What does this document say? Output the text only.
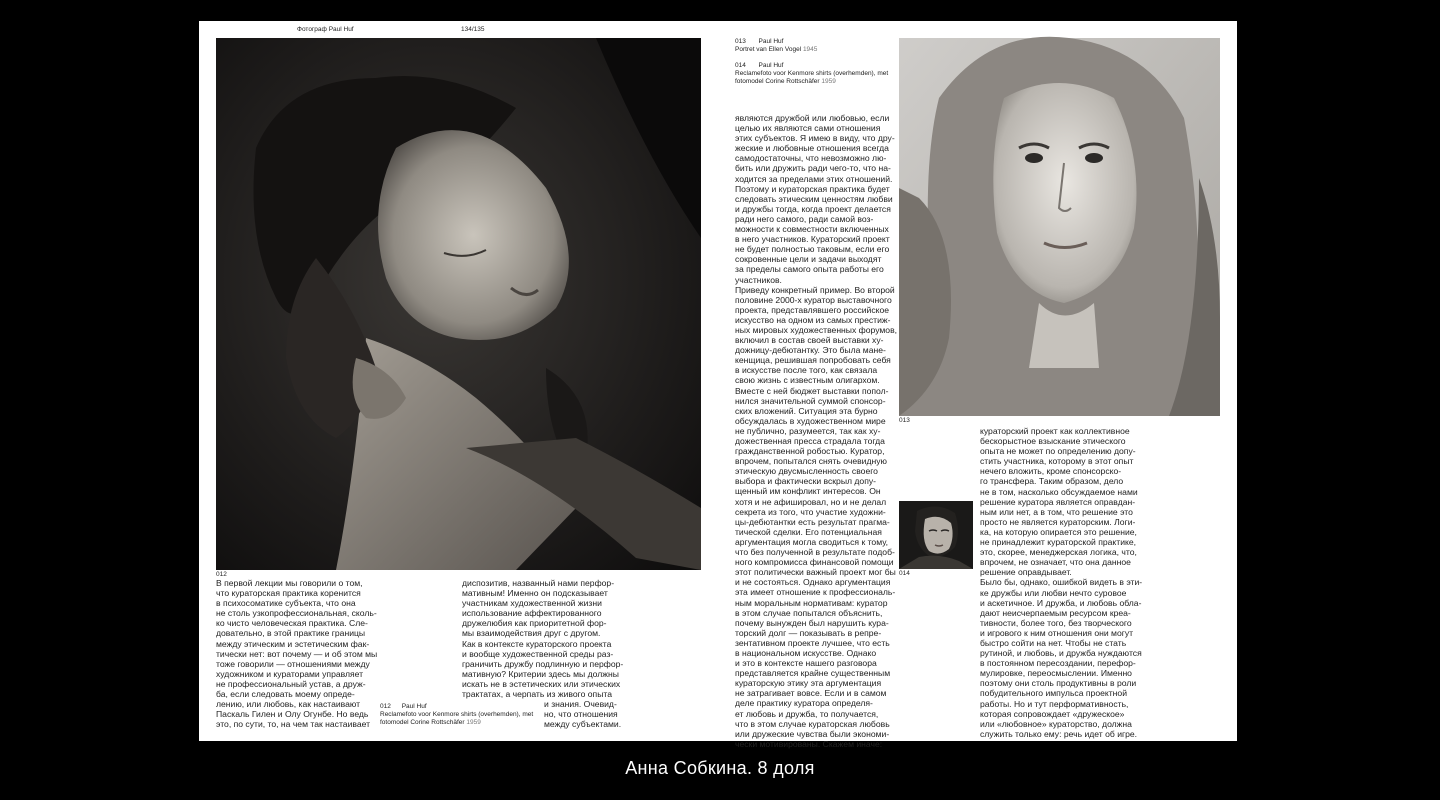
Фотограф Paul Huf	134/135
012
В первой лекции мы говорили о том,
что кураторская практика коренится
в психосоматике субъекта, что она
не столь узкопрофессиональная, сколь-
ко чисто человеческая практика. Сле-
довательно, в этой практике границы
между этическим и эстетическим фак-
тически нет: вот почему — и об этом мы
тоже говорили — отношениями между
художником и кураторами управляет
не профессиональный устав, а друж-
ба, если следовать моему опреде-
лению, или любовь, как настаивают
Паскаль Гилен и Олу Огунбе. Но ведь
это, по сути, то, на чем так настаивает
012 Paul Huf
Reclamefoto voor Kenmore shirts (overhemden), met
fotomodel Corine Rottschäfer 1959
диспозитив, названный нами перфор-
мативным! Именно он подсказывает
участникам художественной жизни
использование аффектированного
дружелюбия как приоритетной фор-
мы взаимодействия друг с другом.
Как в контексте кураторского проекта
и вообще художественной среды раз-
граничить дружбу подлинную и перфор-
мативную? Критерии здесь мы должны
искать не в эстетических или этических
трактатах, а черпать из живого опыта
и знания. Очевид-
но, что отношения
между субъектами.
013 Paul Huf
Portret van Ellen Vogel 1945
014 Paul Huf
Reclamefoto voor Kenmore shirts (overhemden), met
fotomodel Corine Rottschäfer 1959
являются дружбой или любовью, если
целью их являются сами отношения
этих субъектов. Я имею в виду, что дру-
жеские и любовные отношения всегда
самодостаточны, что невозможно лю-
бить или дружить ради чего-то, что на-
ходится за пределами этих отношений.
Поэтому и кураторская практика будет
следовать этическим ценностям любви
и дружбы тогда, когда проект делается
ради него самого, ради самой воз-
можности к совместности включенных
в него участников. Кураторский проект
не будет полностью таковым, если его
сокровенные цели и задачи выходят
за пределы самого опыта работы его
участников.
Приведу конкретный пример. Во второй
половине 2000-х куратор выставочного
проекта, представлявшего российское
искусство на одном из самых престиж-
ных мировых художественных форумов,
включил в состав своей выставки ху-
дожницу-дебютантку. Это была мане-
кенщица, решившая попробовать себя
в искусстве после того, как связала
свою жизнь с известным олигархом.
Вместе с ней бюджет выставки попол-
нился значительной суммой спонсор-
ских вложений. Ситуация эта бурно
обсуждалась в художественном мире
не публично, разумеется, так как ху-
дожественная пресса страдала тогда
гражданственной робостью. Куратор,
впрочем, попытался снять очевидную
этическую двусмысленность своего
выбора и фактически вскрыл допу-
щенный им конфликт интересов. Он
хотя и не афишировал, но и не делал
секрета из того, что участие художни-
цы-дебютантки есть результат прагма-
тической сделки. Его потенциальная
аргументация могла сводиться к тому,
что без полученной в результате подоб-
ного компромисса финансовой помощи
этот политически важный проект мог бы
и не состояться. Однако аргументация
эта имеет отношение к профессиональ-
ным моральным нормативам: куратор
в этом случае попытался объяснить,
почему вынужден был нарушить кура-
торский долг — показывать в репре-
зентативном проекте лучшее, что есть
в национальном искусстве. Однако
и это в контексте нашего разговора
представляется крайне существенным
кураторскую этику эта аргументация
не затрагивает вовсе. Если и в самом
деле практику куратора определя-
ет любовь и дружба, то получается,
что в этом случае кураторская любовь
или дружеские чувства были экономи-
чески мотивированы. Скажем иначе:
013
кураторский проект как коллективное
бескорыстное взыскание этического
опыта не может по определению допу-
стить участника, которому в этот опыт
нечего вложить, кроме спонсорско-
го трансфера. Таким образом, дело
не в том, насколько обсуждаемое нами
решение куратора является оправдан-
ным или нет, а в том, что решение это
просто не является кураторским. Логи-
ка, на которую опирается это решение,
не принадлежит кураторской практике,
это, скорее, менеджерская логика, что,
впрочем, не означает, что она данное
решение оправдывает.
Было бы, однако, ошибкой видеть в эти-
ке дружбы или любви нечто суровое
и аскетичное. И дружба, и любовь обла-
дают неисчерпаемым ресурсом креа-
тивности, более того, без творческого
и игрового к ним отношения они могут
быстро сойти на нет. Чтобы не стать
рутиной, и любовь, и дружба нуждаются
в постоянном пересоздании, перефор-
мулировке, переосмыслении. Именно
поэтому они столь продуктивны в роли
побудительного импульса проектной
работы. Но и тут перформативность,
которая сопровождает «дружеское»
или «любовное» кураторство, должна
служить только ему: речь идет об игре.
014
Анна Собкина. 8 доля
